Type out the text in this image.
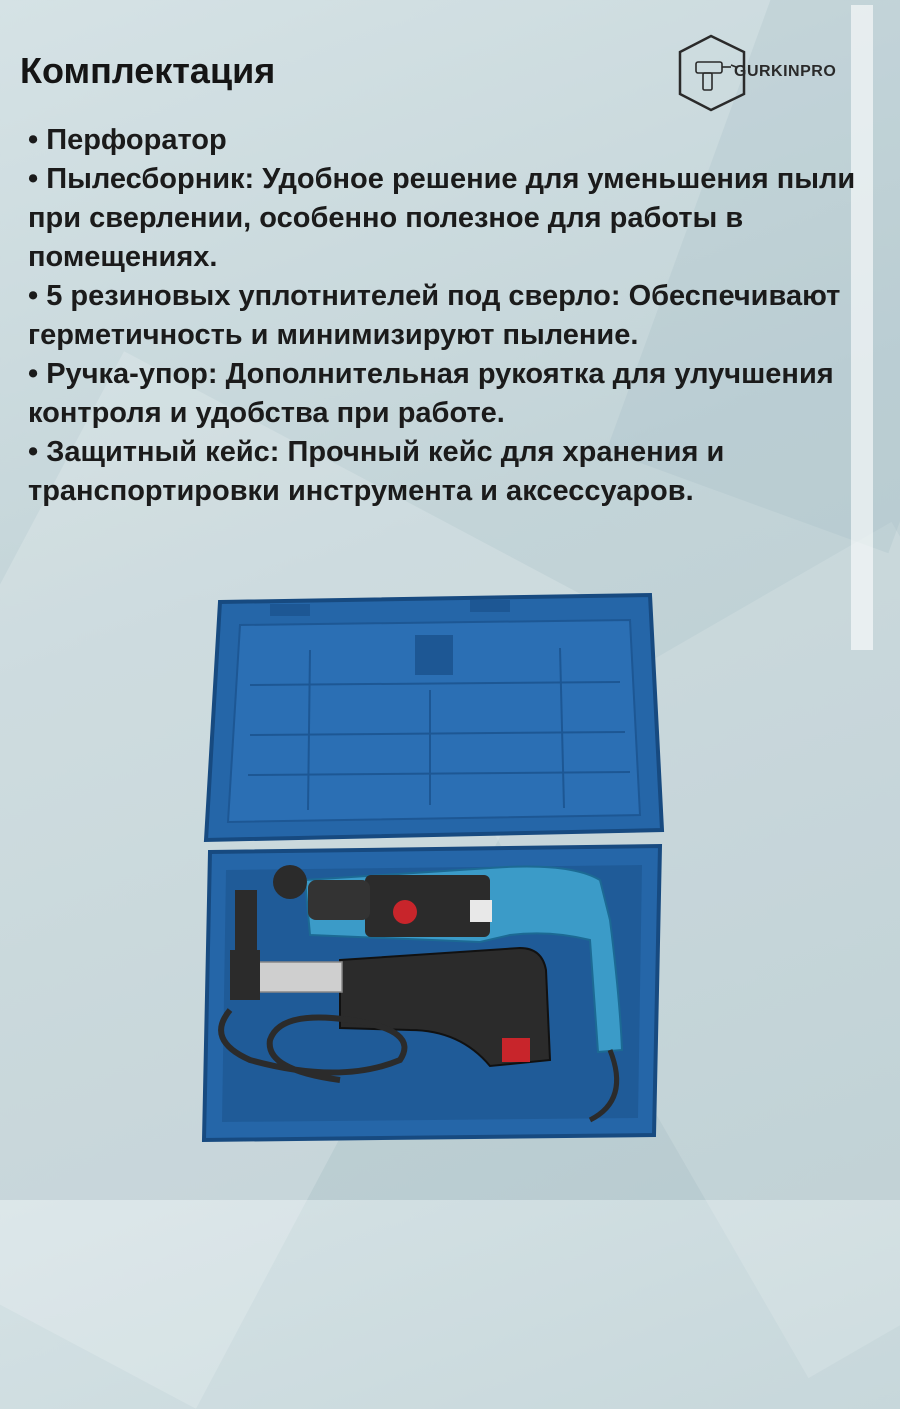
Комплектация	GURKINPRO
• Перфоратор
• Пылесборник: Удобное решение для уменьшения пыли при сверлении, особенно полезное для работы в помещениях.
• 5 резиновых уплотнителей под сверло: Обеспечивают герметичность и минимизируют пыление.
• Ручка-упор: Дополнительная рукоятка для улучшения контроля и удобства при работе.
• Защитный кейс: Прочный кейс для хранения и транспортировки инструмента и аксессуаров.
